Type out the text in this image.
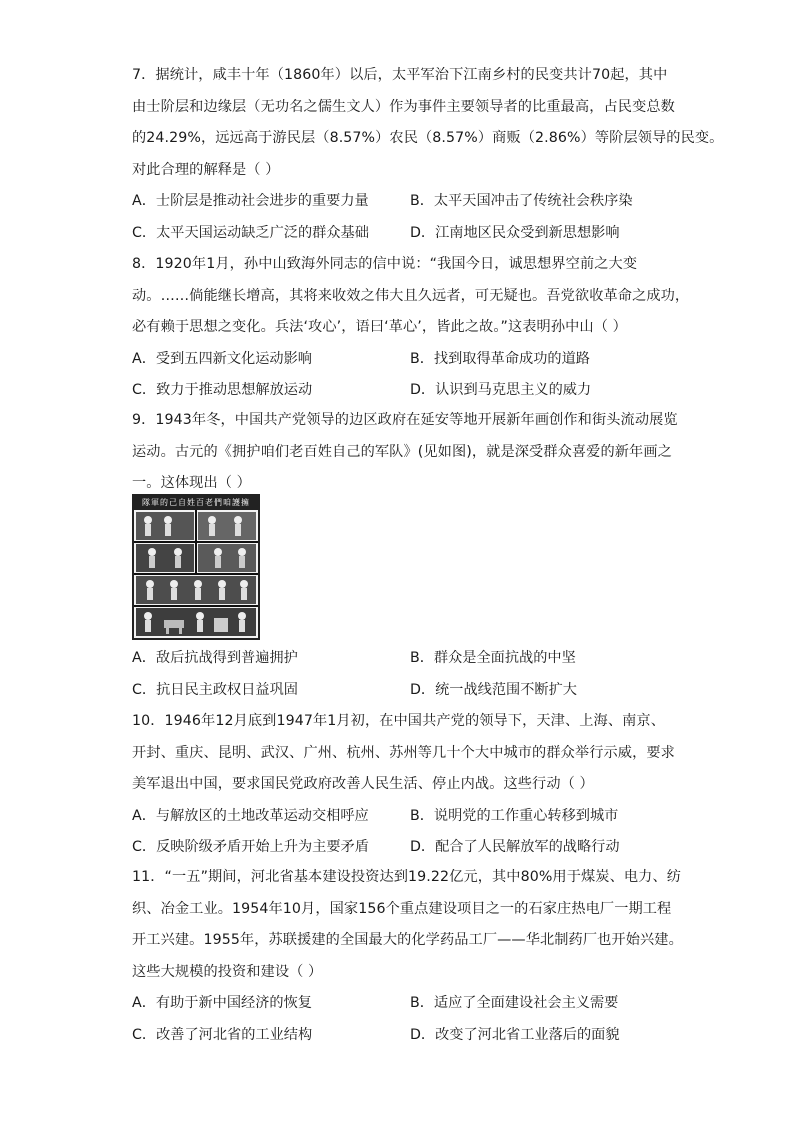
7．据统计，咸丰十年（1860年）以后，太平军治下江南乡村的民变共计70起，其中
由士阶层和边缘层（无功名之儒生文人）作为事件主要领导者的比重最高，占民变总数
的24.29%，远远高于游民层（8.57%）农民（8.57%）商贩（2.86%）等阶层领导的民变。
对此合理的解释是（ ）
A．士阶层是推动社会进步的重要力量	B．太平天国冲击了传统社会秩序染
C．太平天国运动缺乏广泛的群众基础	D．江南地区民众受到新思想影响
8．1920年1月，孙中山致海外同志的信中说：“我国今日，诚思想界空前之大变
动。……倘能继长增高，其将来收效之伟大且久远者，可无疑也。吾党欲收革命之成功，
必有赖于思想之变化。兵法‘攻心’，语曰‘革心’，皆此之故。”这表明孙中山（ ）
A．受到五四新文化运动影响	B．找到取得革命成功的道路
C．致力于推动思想解放运动	D．认识到马克思主义的威力
9．1943年冬，中国共产党领导的边区政府在延安等地开展新年画创作和街头流动展览
运动。古元的《拥护咱们老百姓自己的军队》(见如图)，就是深受群众喜爱的新年画之
一。这体现出（ ）
隊軍的己自姓百老們咱護擁
A．敌后抗战得到普遍拥护	B．群众是全面抗战的中坚
C．抗日民主政权日益巩固	D．统一战线范围不断扩大
10．1946年12月底到1947年1月初，在中国共产党的领导下，天津、上海、南京、
开封、重庆、昆明、武汉、广州、杭州、苏州等几十个大中城市的群众举行示威，要求
美军退出中国，要求国民党政府改善人民生活、停止内战。这些行动（ ）
A．与解放区的土地改革运动交相呼应	B．说明党的工作重心转移到城市
C．反映阶级矛盾开始上升为主要矛盾	D．配合了人民解放军的战略行动
11．“一五”期间，河北省基本建设投资达到19.22亿元，其中80%用于煤炭、电力、纺
织、冶金工业。1954年10月，国家156个重点建设项目之一的石家庄热电厂一期工程
开工兴建。1955年，苏联援建的全国最大的化学药品工厂——华北制药厂也开始兴建。
这些大规模的投资和建设（ ）
A．有助于新中国经济的恢复	B．适应了全面建设社会主义需要
C．改善了河北省的工业结构	D．改变了河北省工业落后的面貌
